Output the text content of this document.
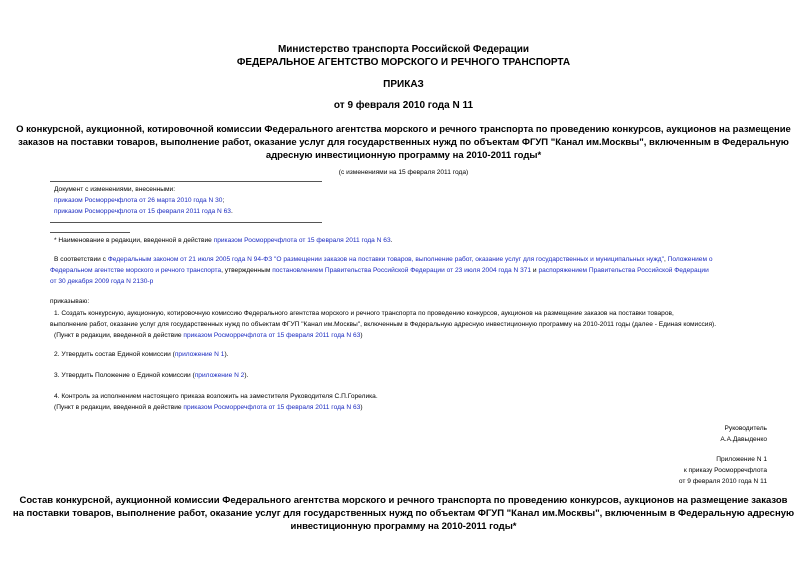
Министерство транспорта Российской Федерации
ФЕДЕРАЛЬНОЕ АГЕНТСТВО МОРСКОГО И РЕЧНОГО ТРАНСПОРТА
ПРИКАЗ
от 9 февраля 2010 года N 11
О конкурсной, аукционной, котировочной комиссии Федерального агентства морского и речного транспорта по проведению конкурсов, аукционов на размещение
заказов на поставки товаров, выполнение работ, оказание услуг для государственных нужд по объектам ФГУП "Канал им.Москвы", включенным в Федеральную
адресную инвестиционную программу на 2010-2011 годы*
(с изменениями на 15 февраля 2011 года)
Документ с изменениями, внесенными:
приказом Росморречфлота от 26 марта 2010 года N 30;
приказом Росморречфлота от 15 февраля 2011 года N 63.
* Наименование в редакции, введенной в действие приказом Росморречфлота от 15 февраля 2011 года N 63.
В соответствии с Федеральным законом от 21 июля 2005 года N 94-ФЗ "О размещении заказов на поставки товаров, выполнение работ, оказание услуг для государственных и муниципальных нужд", Положением о
Федеральном агентстве морского и речного транспорта, утвержденным постановлением Правительства Российской Федерации от 23 июля 2004 года N 371 и распоряжением Правительства Российской Федерации
от 30 декабря 2009 года N 2130-р
приказываю:
1. Создать конкурсную, аукционную, котировочную комиссию Федерального агентства морского и речного транспорта по проведению конкурсов, аукционов на размещение заказов на поставки товаров,
выполнение работ, оказание услуг для государственных нужд по объектам ФГУП "Канал им.Москвы", включенным в Федеральную адресную инвестиционную программу на 2010-2011 годы (далее - Единая комиссия).
(Пункт в редакции, введенной в действие приказом Росморречфлота от 15 февраля 2011 года N 63)
2. Утвердить состав Единой комиссии (приложение N 1).
3. Утвердить Положение о Единой комиссии (приложение N 2).
4. Контроль за исполнением настоящего приказа возложить на заместителя Руководителя С.П.Горелика.
(Пункт в редакции, введенной в действие приказом Росморречфлота от 15 февраля 2011 года N 63)
Руководитель
А.А.Давыденко
Приложение N 1
к приказу Росморречфлота
от 9 февраля 2010 года N 11
Состав конкурсной, аукционной комиссии Федерального агентства морского и речного транспорта по проведению конкурсов, аукционов на размещение заказов
на поставки товаров, выполнение работ, оказание услуг для государственных нужд по объектам ФГУП "Канал им.Москвы", включенным в Федеральную адресную
инвестиционную программу на 2010-2011 годы*
